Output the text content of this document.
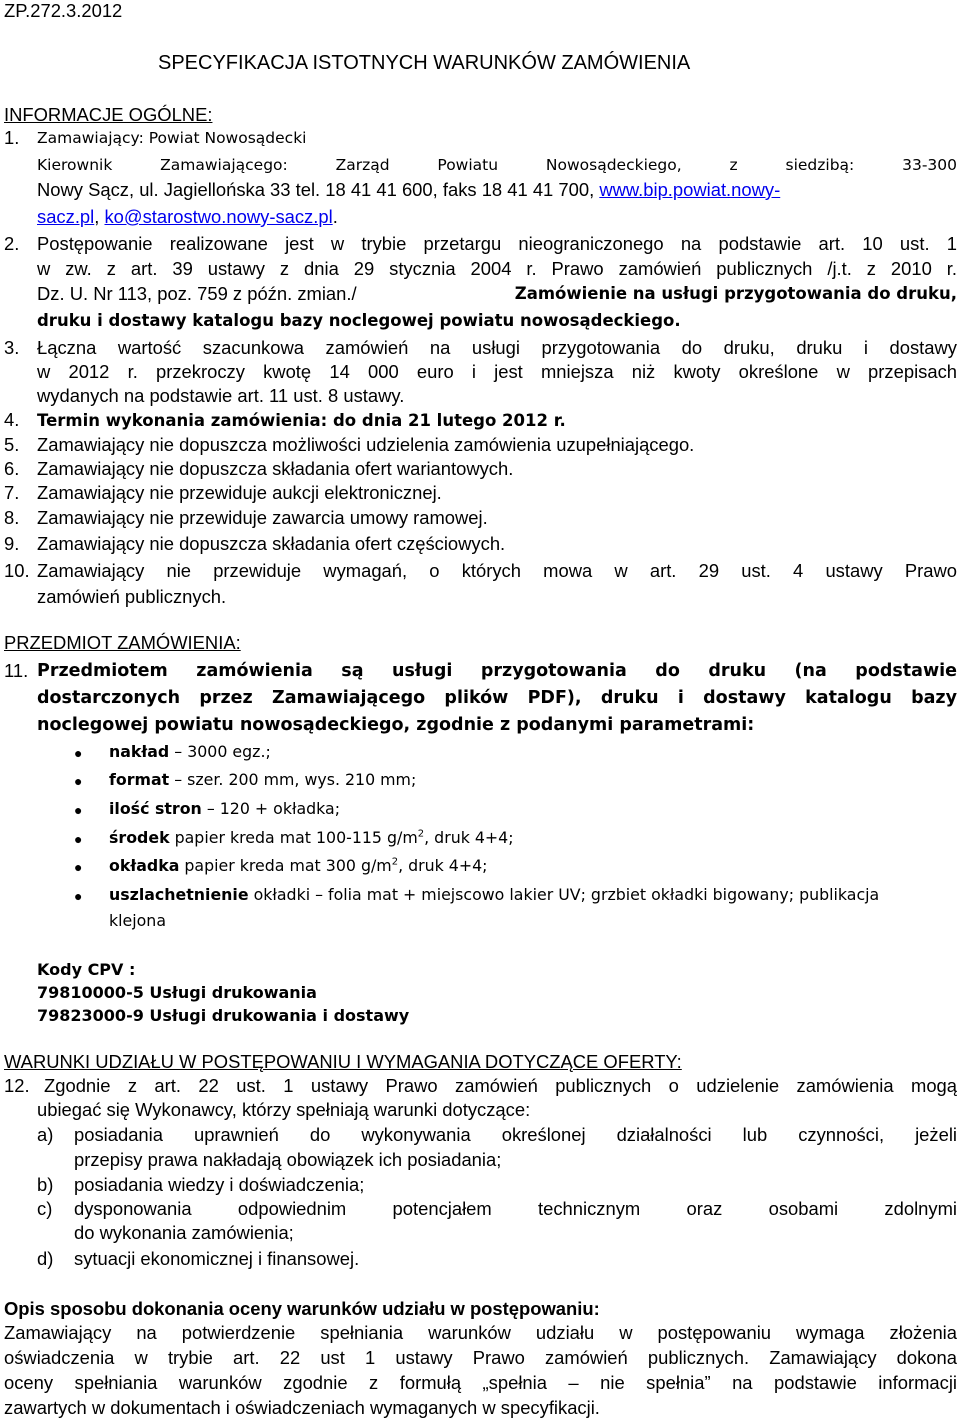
ZP.272.3.2012
SPECYFIKACJA ISTOTNYCH WARUNKÓW ZAMÓWIENIA
INFORMACJE OGÓLNE:
1. Zamawiający: Powiat Nowosądecki
Kierownik Zamawiającego: Zarząd Powiatu Nowosądeckiego, z siedzibą: 33-300
Nowy Sącz, ul. Jagiellońska 33 tel. 18 41 41 600, faks 18 41 41 700, www.bip.powiat.nowy-
sacz.pl, ko@starostwo.nowy-sacz.pl.
2. Postępowanie realizowane jest w trybie przetargu nieograniczonego na podstawie art. 10 ust. 1
w zw. z art. 39 ustawy z dnia 29 stycznia 2004 r. Prawo zamówień publicznych /j.t. z 2010 r.
Dz. U. Nr 113, poz. 759 z późn. zmian./	Zamówienie na usługi przygotowania do druku,
druku i dostawy katalogu bazy noclegowej powiatu nowosądeckiego.
3. Łączna wartość szacunkowa zamówień na usługi przygotowania do druku, druku i dostawy
w 2012 r. przekroczy kwotę 14 000 euro i jest mniejsza niż kwoty określone w przepisach
wydanych na podstawie art. 11 ust. 8 ustawy.
4. Termin wykonania zamówienia: do dnia 21 lutego 2012 r.
5. Zamawiający nie dopuszcza możliwości udzielenia zamówienia uzupełniającego.
6. Zamawiający nie dopuszcza składania ofert wariantowych.
7. Zamawiający nie przewiduje aukcji elektronicznej.
8. Zamawiający nie przewiduje zawarcia umowy ramowej.
9. Zamawiający nie dopuszcza składania ofert częściowych.
10. Zamawiający nie przewiduje wymagań, o których mowa w art. 29 ust. 4 ustawy Prawo
zamówień publicznych.
PRZEDMIOT ZAMÓWIENIA:
11. Przedmiotem zamówienia są usługi przygotowania do druku (na podstawie
dostarczonych przez Zamawiającego plików PDF), druku i dostawy katalogu bazy
noclegowej powiatu nowosądeckiego, zgodnie z podanymi parametrami:
● nakład – 3000 egz.;
● format – szer. 200 mm, wys. 210 mm;
● ilość stron – 120 + okładka;
● środek papier kreda mat 100-115 $g/m^2$, druk 4+4;
● okładka papier kreda mat 300 $g/m^2$, druk 4+4;
● uszlachetnienie okładki – folia mat + miejscowo lakier UV; grzbiet okładki bigowany; publikacja
klejona
Kody CPV :
79810000-5 Usługi drukowania
79823000-9 Usługi drukowania i dostawy
WARUNKI UDZIAŁU W POSTĘPOWANIU I WYMAGANIA DOTYCZĄCE OFERTY:
12. Zgodnie z art. 22 ust. 1 ustawy Prawo zamówień publicznych o udzielenie zamówienia mogą
ubiegać się Wykonawcy, którzy spełniają warunki dotyczące:
a) posiadania uprawnień do wykonywania określonej działalności lub czynności, jeżeli
przepisy prawa nakładają obowiązek ich posiadania;
b) posiadania wiedzy i doświadczenia;
c) dysponowania odpowiednim potencjałem technicznym oraz osobami zdolnymi
do wykonania zamówienia;
d) sytuacji ekonomicznej i finansowej.
Opis sposobu dokonania oceny warunków udziału w postępowaniu:
Zamawiający na potwierdzenie spełniania warunków udziału w postępowaniu wymaga złożenia
oświadczenia w trybie art. 22 ust 1 ustawy Prawo zamówień publicznych. Zamawiający dokona
oceny spełniania warunków zgodnie z formułą „spełnia – nie spełnia” na podstawie informacji
zawartych w dokumentach i oświadczeniach wymaganych w specyfikacji.
